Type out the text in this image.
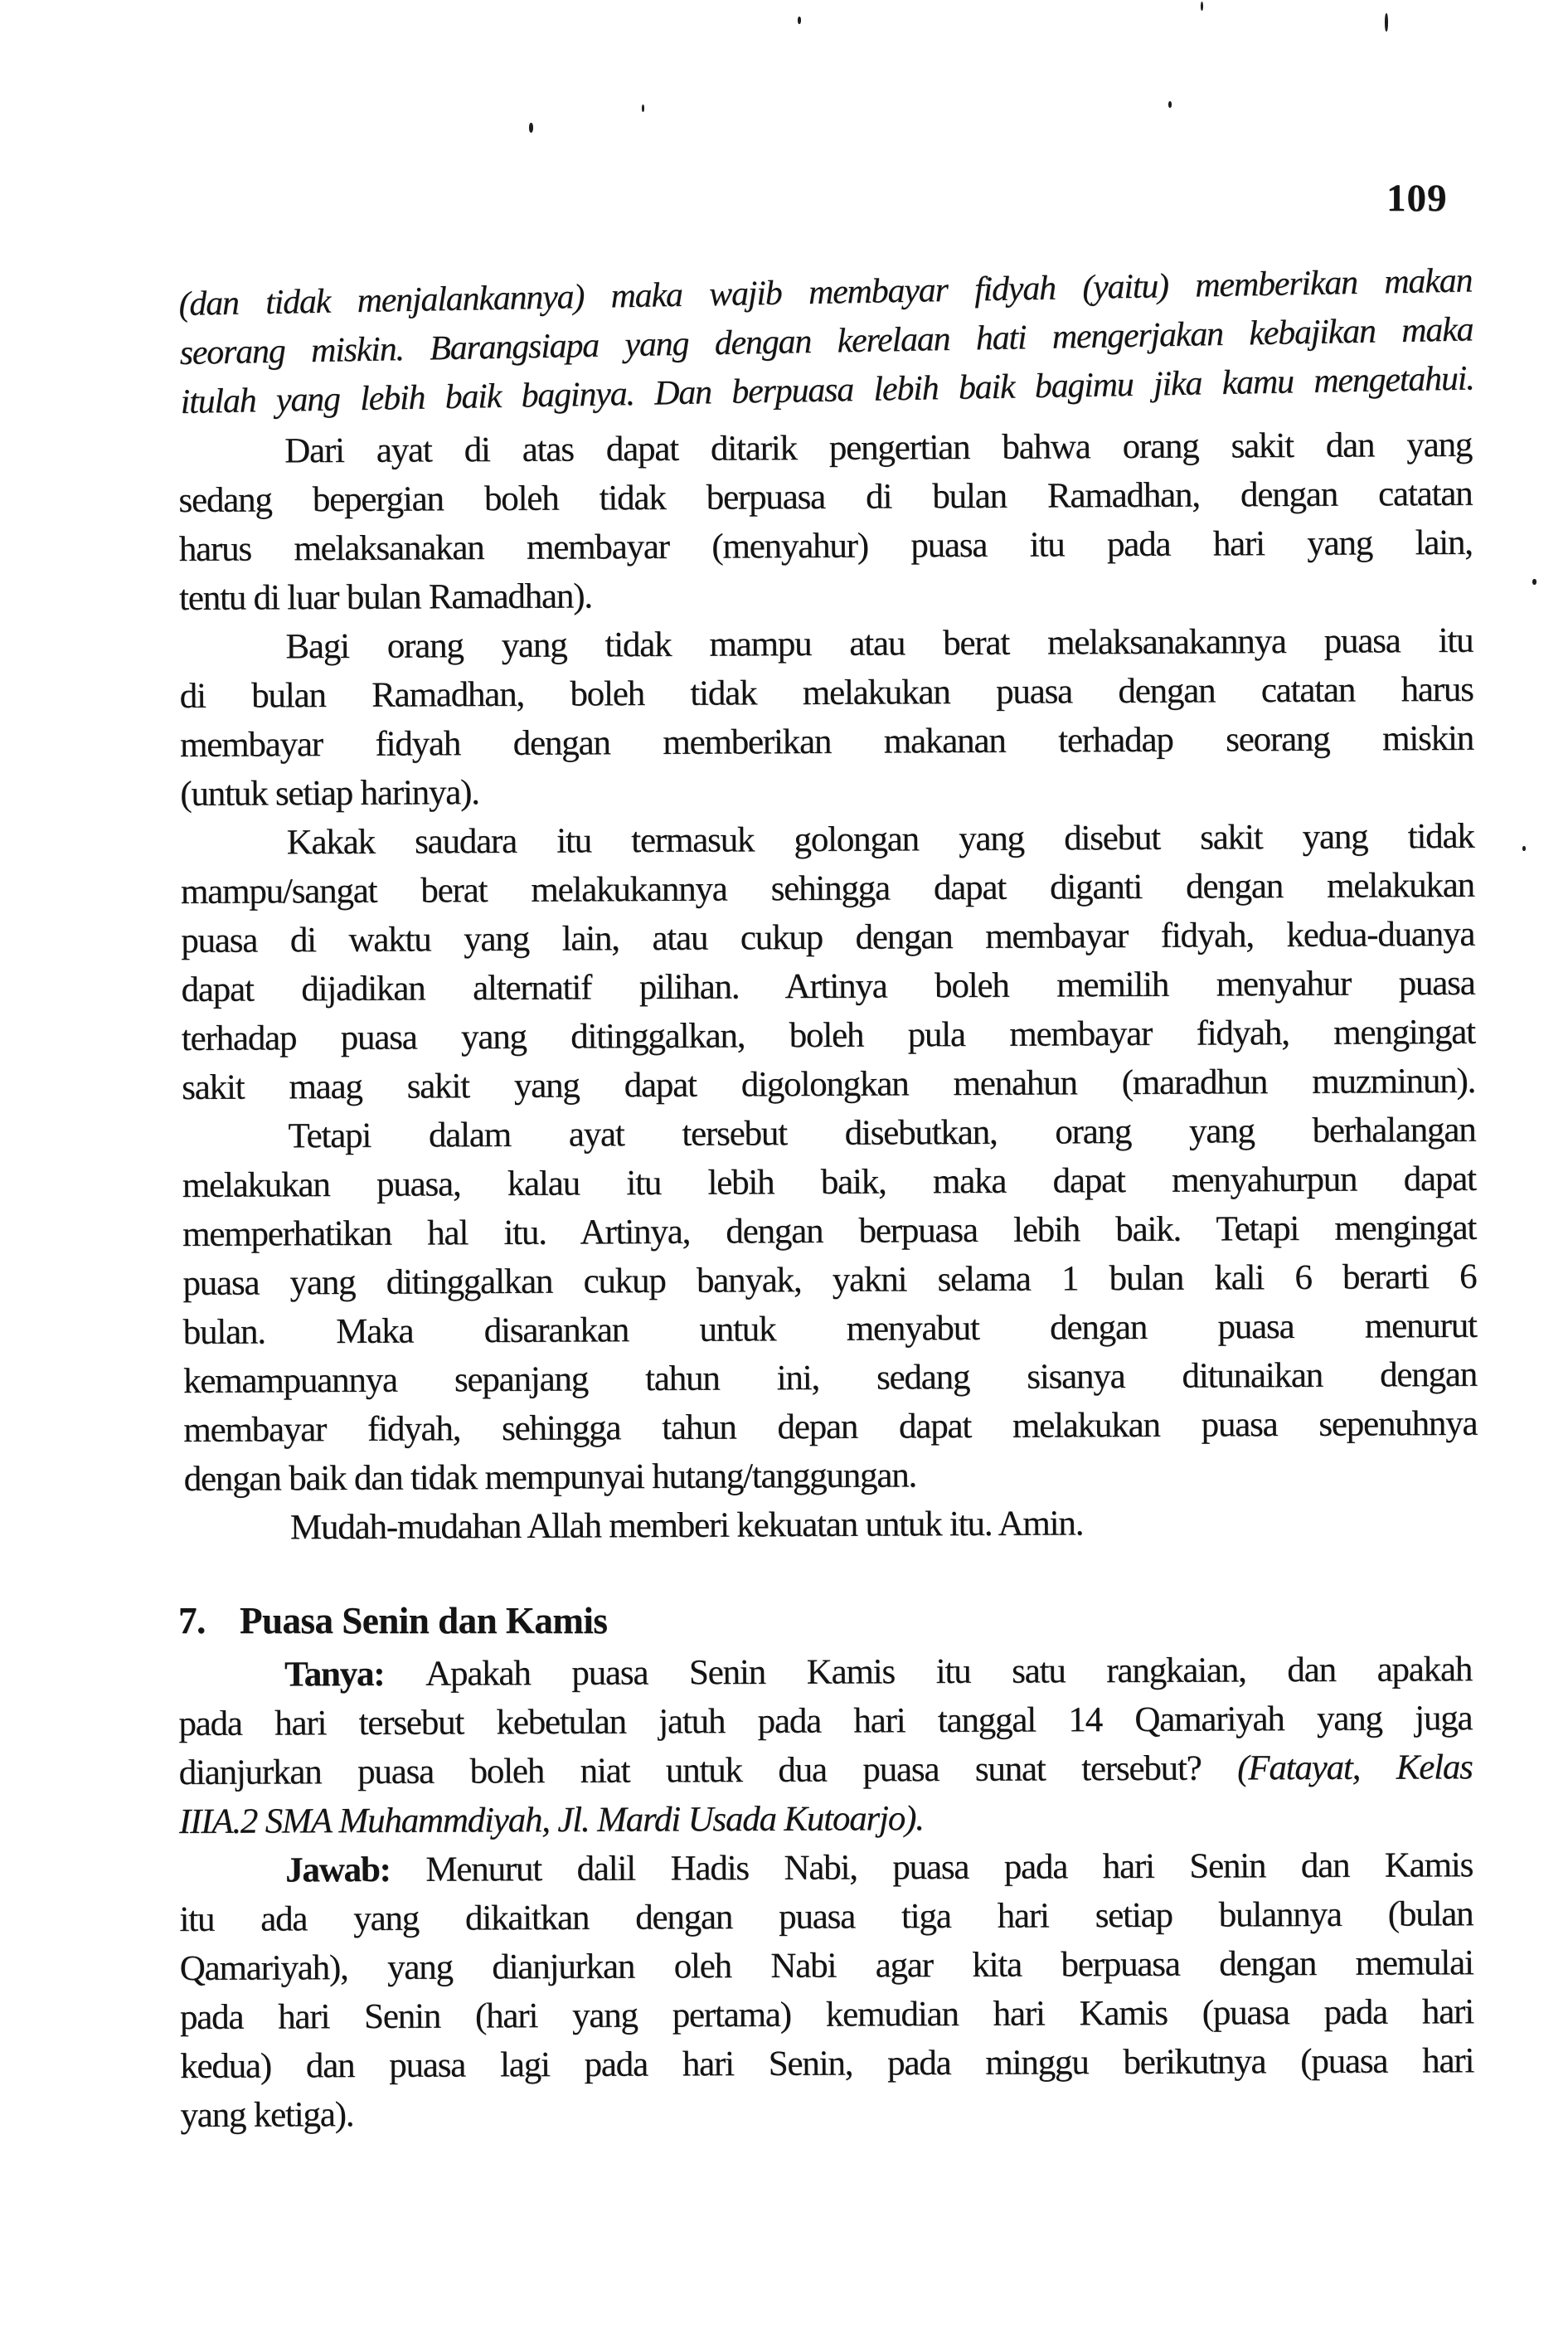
109
(dan tidak menjalankannya) maka wajib membayar fidyah (yaitu) memberikan makan
seorang miskin. Barangsiapa yang dengan kerelaan hati mengerjakan kebajikan maka
itulah yang lebih baik baginya. Dan berpuasa lebih baik bagimu jika kamu mengetahui.
Dari ayat di atas dapat ditarik pengertian bahwa orang sakit dan yang
sedang bepergian boleh tidak berpuasa di bulan Ramadhan, dengan catatan
harus melaksanakan membayar (menyahur) puasa itu pada hari yang lain,
tentu di luar bulan Ramadhan).
Bagi orang yang tidak mampu atau berat melaksanakannya puasa itu
di bulan Ramadhan, boleh tidak melakukan puasa dengan catatan harus
membayar fidyah dengan memberikan makanan terhadap seorang miskin
(untuk setiap harinya).
Kakak saudara itu termasuk golongan yang disebut sakit yang tidak
mampu/sangat berat melakukannya sehingga dapat diganti dengan melakukan
puasa di waktu yang lain, atau cukup dengan membayar fidyah, kedua-duanya
dapat dijadikan alternatif pilihan. Artinya boleh memilih menyahur puasa
terhadap puasa yang ditinggalkan, boleh pula membayar fidyah, mengingat
sakit maag sakit yang dapat digolongkan menahun (maradhun muzminun).
Tetapi dalam ayat tersebut disebutkan, orang yang berhalangan
melakukan puasa, kalau itu lebih baik, maka dapat menyahurpun dapat
memperhatikan hal itu. Artinya, dengan berpuasa lebih baik. Tetapi mengingat
puasa yang ditinggalkan cukup banyak, yakni selama 1 bulan kali 6 berarti 6
bulan. Maka disarankan untuk menyabut dengan puasa menurut
kemampuannya sepanjang tahun ini, sedang sisanya ditunaikan dengan
membayar fidyah, sehingga tahun depan dapat melakukan puasa sepenuhnya
dengan baik dan tidak mempunyai hutang/tanggungan.
Mudah-mudahan Allah memberi kekuatan untuk itu. Amin.
7. Puasa Senin dan Kamis
Tanya: Apakah puasa Senin Kamis itu satu rangkaian, dan apakah
pada hari tersebut kebetulan jatuh pada hari tanggal 14 Qamariyah yang juga
dianjurkan puasa boleh niat untuk dua puasa sunat tersebut? (Fatayat, Kelas
IIIA.2 SMA Muhammdiyah, Jl. Mardi Usada Kutoarjo).
Jawab: Menurut dalil Hadis Nabi, puasa pada hari Senin dan Kamis
itu ada yang dikaitkan dengan puasa tiga hari setiap bulannya (bulan
Qamariyah), yang dianjurkan oleh Nabi agar kita berpuasa dengan memulai
pada hari Senin (hari yang pertama) kemudian hari Kamis (puasa pada hari
kedua) dan puasa lagi pada hari Senin, pada minggu berikutnya (puasa hari
yang ketiga).
